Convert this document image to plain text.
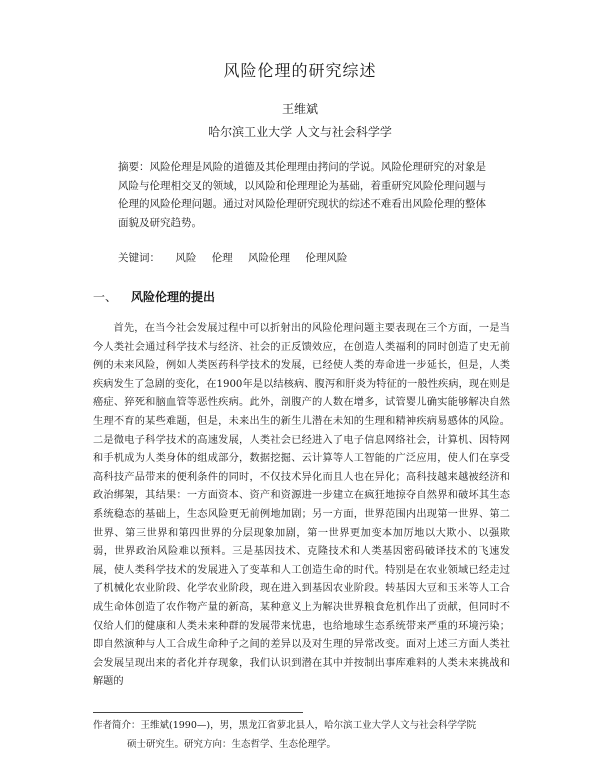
风险伦理的研究综述
王维斌
哈尔滨工业大学 人文与社会科学学
摘要：风险伦理是风险的道德及其伦理理由拷问的学说。风险伦理研究的对象是风险与伦理相交叉的领域，以风险和伦理理论为基础，着重研究风险伦理问题与伦理的风险伦理问题。通过对风险伦理研究现状的综述不难看出风险伦理的整体面貌及研究趋势。
关键词： 风险 伦理 风险伦理 伦理风险
一、 风险伦理的提出
首先，在当今社会发展过程中可以折射出的风险伦理问题主要表现在三个方面，一是当今人类社会通过科学技术与经济、社会的正反馈效应，在创造人类福利的同时创造了史无前例的未来风险，例如人类医药科学技术的发展，已经使人类的寿命进一步延长，但是，人类疾病发生了急剧的变化，在1900年是以结核病、腹泻和肝炎为特征的一般性疾病，现在则是癌症、猝死和脑血管等恶性疾病。此外，剖腹产的人数在增多，试管婴儿确实能够解决自然生理不育的某些难题，但是，未来出生的新生儿潜在未知的生理和精神疾病易感体的风险。二是微电子科学技术的高速发展，人类社会已经进入了电子信息网络社会，计算机、因特网和手机成为人类身体的组成部分，数据挖掘、云计算等人工智能的广泛应用，使人们在享受高科技产品带来的便利条件的同时，不仅技术异化而且人也在异化；高科技越来越被经济和政治绑架，其结果：一方面资本、资产和资源进一步建立在疯狂地掠夺自然界和破坏其生态系统稳态的基础上，生态风险更无前例地加剧；另一方面，世界范围内出现第一世界、第二世界、第三世界和第四世界的分层现象加剧，第一世界更加变本加厉地以大欺小、以强欺弱，世界政治风险难以预料。三是基因技术、克隆技术和人类基因密码破译技术的飞速发展，使人类科学技术的发展进入了变革和人工创造生命的时代。特别是在农业领域已经走过了机械化农业阶段、化学农业阶段，现在进入到基因农业阶段。转基因大豆和玉米等人工合成生命体创造了农作物产量的新高，某种意义上为解决世界粮食危机作出了贡献，但同时不仅给人们的健康和人类未来种群的发展带来忧患，也给地球生态系统带来严重的环境污染；即自然演种与人工合成生命种子之间的差异以及对生理的异常改变。面对上述三方面人类社会发展呈现出来的者化并存现象，我们认识到潜在其中并按制出事库难料的人类未来挑战和解题的
作者简介：王维斌(1990—)，男，黑龙江省萝北县人，哈尔滨工业大学人文与社会科学学院
硕士研究生。研究方向：生态哲学、生态伦理学。
